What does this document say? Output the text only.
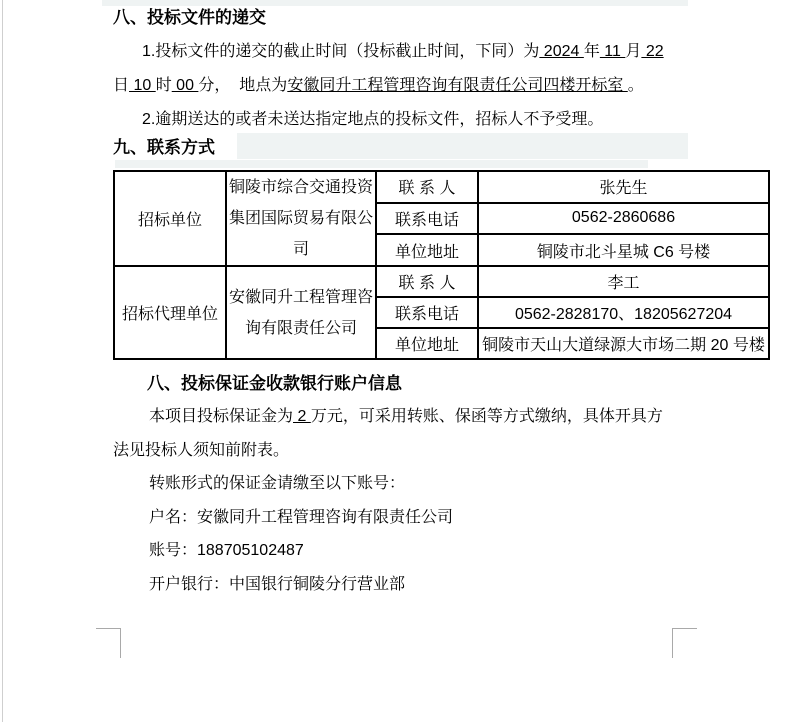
八、投标文件的递交
1.投标文件的递交的截止时间（投标截止时间，下同）为 2024 年 11 月 22
日 10 时 00 分，  地点为安徽同升工程管理咨询有限责任公司四楼开标室 。
2.逾期送达的或者未送达指定地点的投标文件，招标人不予受理。
九、联系方式
招标单位	铜陵市综合交通投资集团国际贸易有限公司	联 系 人	张先生
		联系电话	0562-2860686
		单位地址	铜陵市北斗星城 C6 号楼
招标代理单位	安徽同升工程管理咨询有限责任公司	联 系 人	李工
		联系电话	0562-2828170、18205627204
		单位地址	铜陵市天山大道绿源大市场二期 20 号楼
八、投标保证金收款银行账户信息
本项目投标保证金为 2 万元，可采用转账、保函等方式缴纳，具体开具方
法见投标人须知前附表。
转账形式的保证金请缴至以下账号：
户名：安徽同升工程管理咨询有限责任公司
账号：188705102487
开户银行：中国银行铜陵分行营业部
